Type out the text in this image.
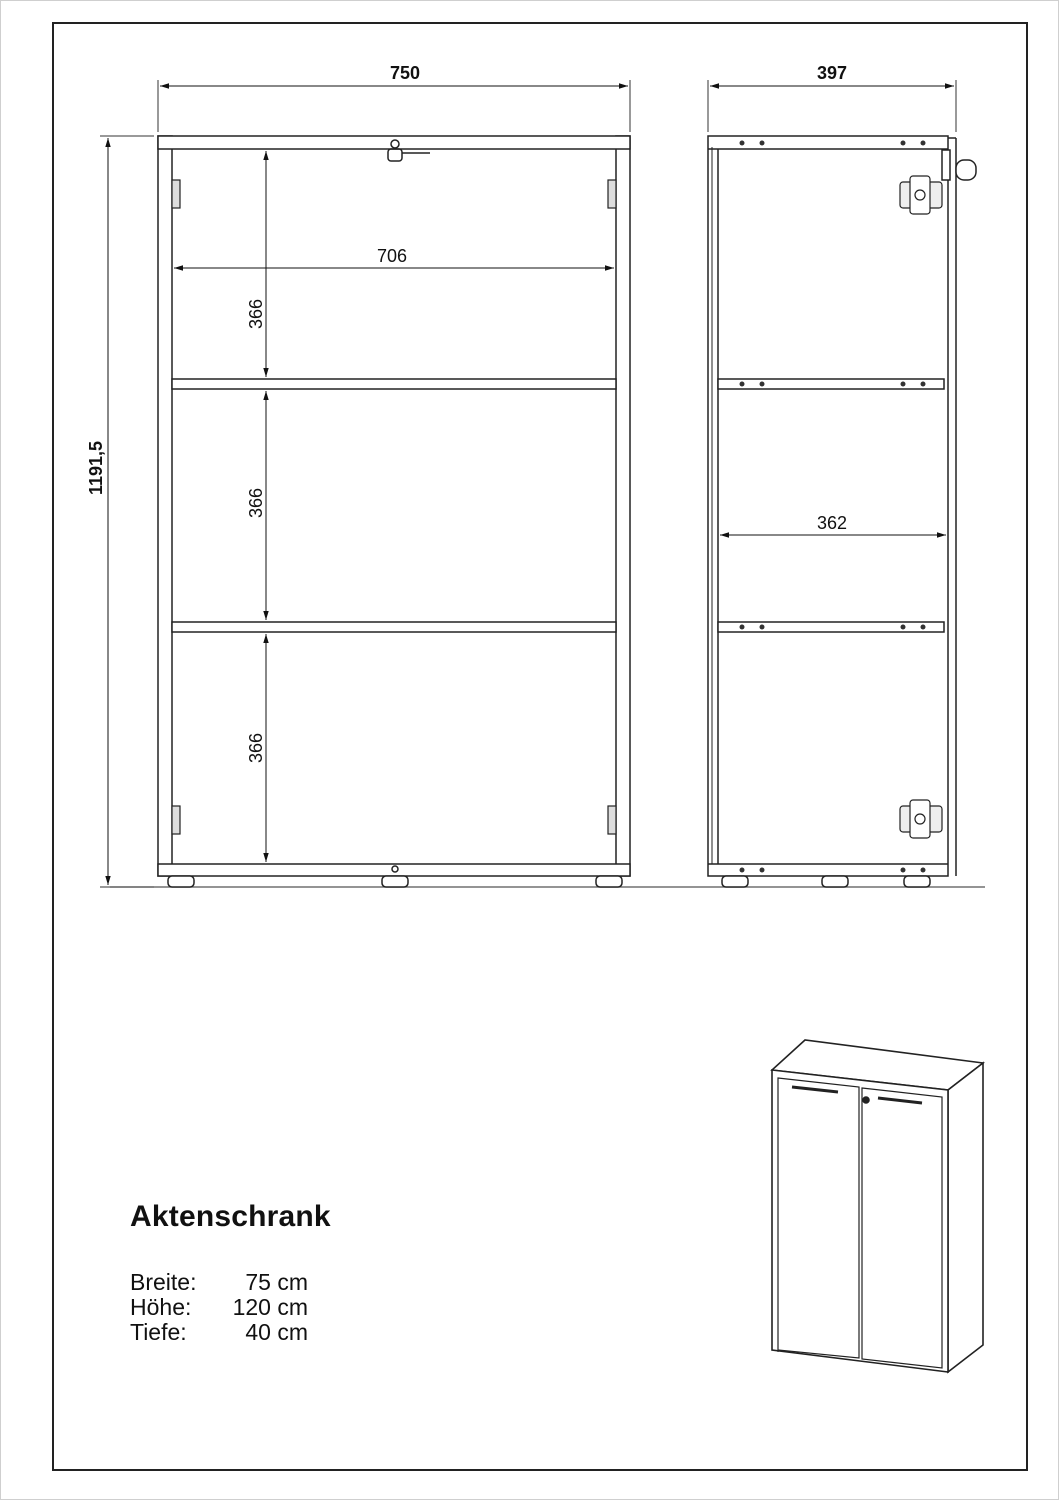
750
1191,5
706
366
366
366
397
362
Aktenschrank
Breite:	75 cm
Höhe:	120 cm
Tiefe:	40 cm
